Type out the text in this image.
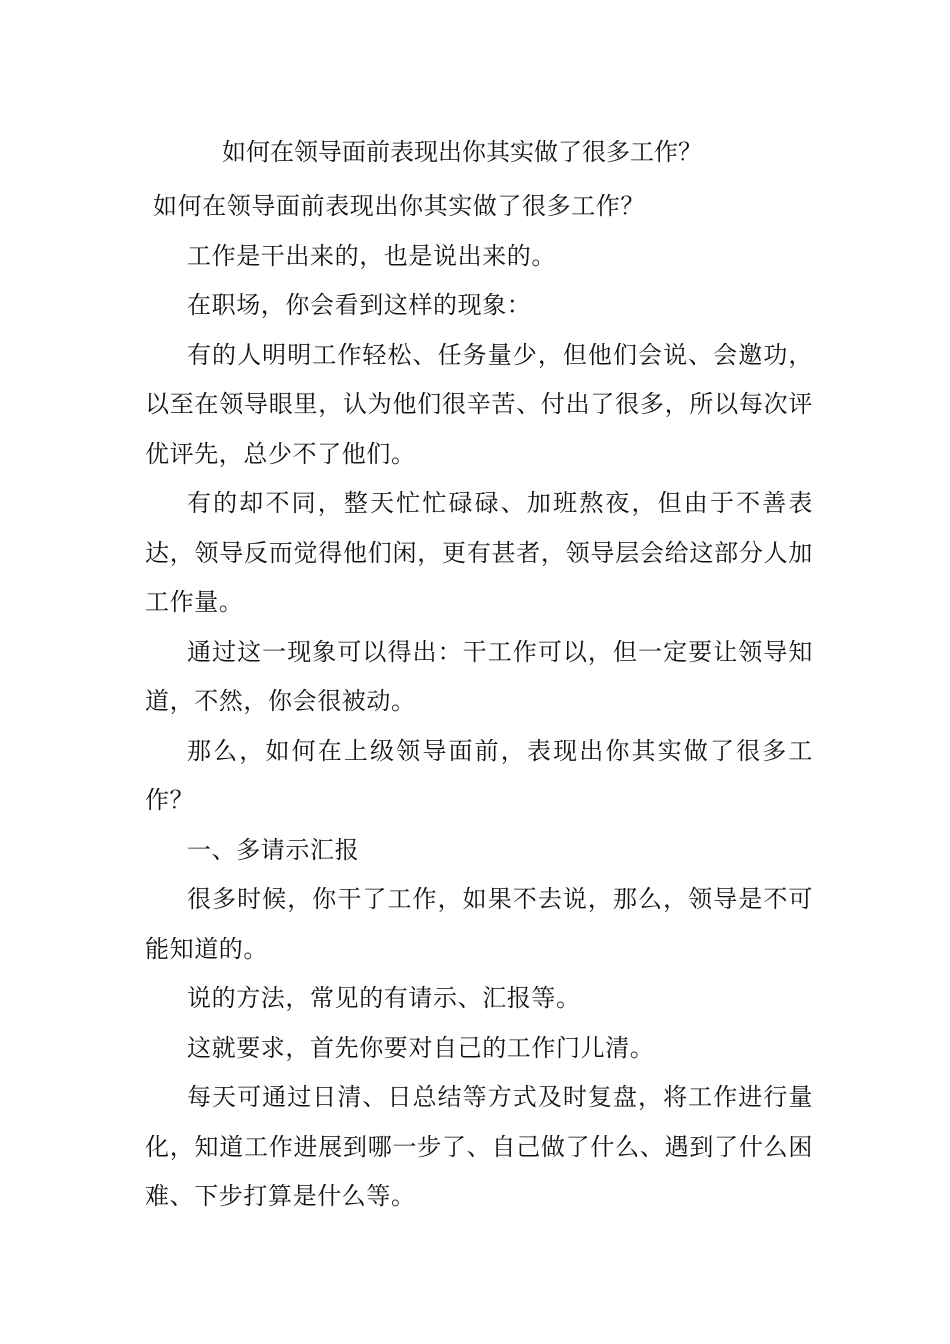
如何在领导面前表现出你其实做了很多工作？

如何在领导面前表现出你其实做了很多工作？

工作是干出来的，也是说出来的。

在职场，你会看到这样的现象：

有的人明明工作轻松、任务量少，但他们会说、会邀功，以至在领导眼里，认为他们很辛苦、付出了很多，所以每次评优评先，总少不了他们。

有的却不同，整天忙忙碌碌、加班熬夜，但由于不善表达，领导反而觉得他们闲，更有甚者，领导层会给这部分人加工作量。

通过这一现象可以得出：干工作可以，但一定要让领导知道，不然，你会很被动。

那么，如何在上级领导面前，表现出你其实做了很多工作？

一、多请示汇报

很多时候，你干了工作，如果不去说，那么，领导是不可能知道的。

说的方法，常见的有请示、汇报等。

这就要求，首先你要对自己的工作门儿清。

每天可通过日清、日总结等方式及时复盘，将工作进行量化，知道工作进展到哪一步了、自己做了什么、遇到了什么困难、下步打算是什么等。
